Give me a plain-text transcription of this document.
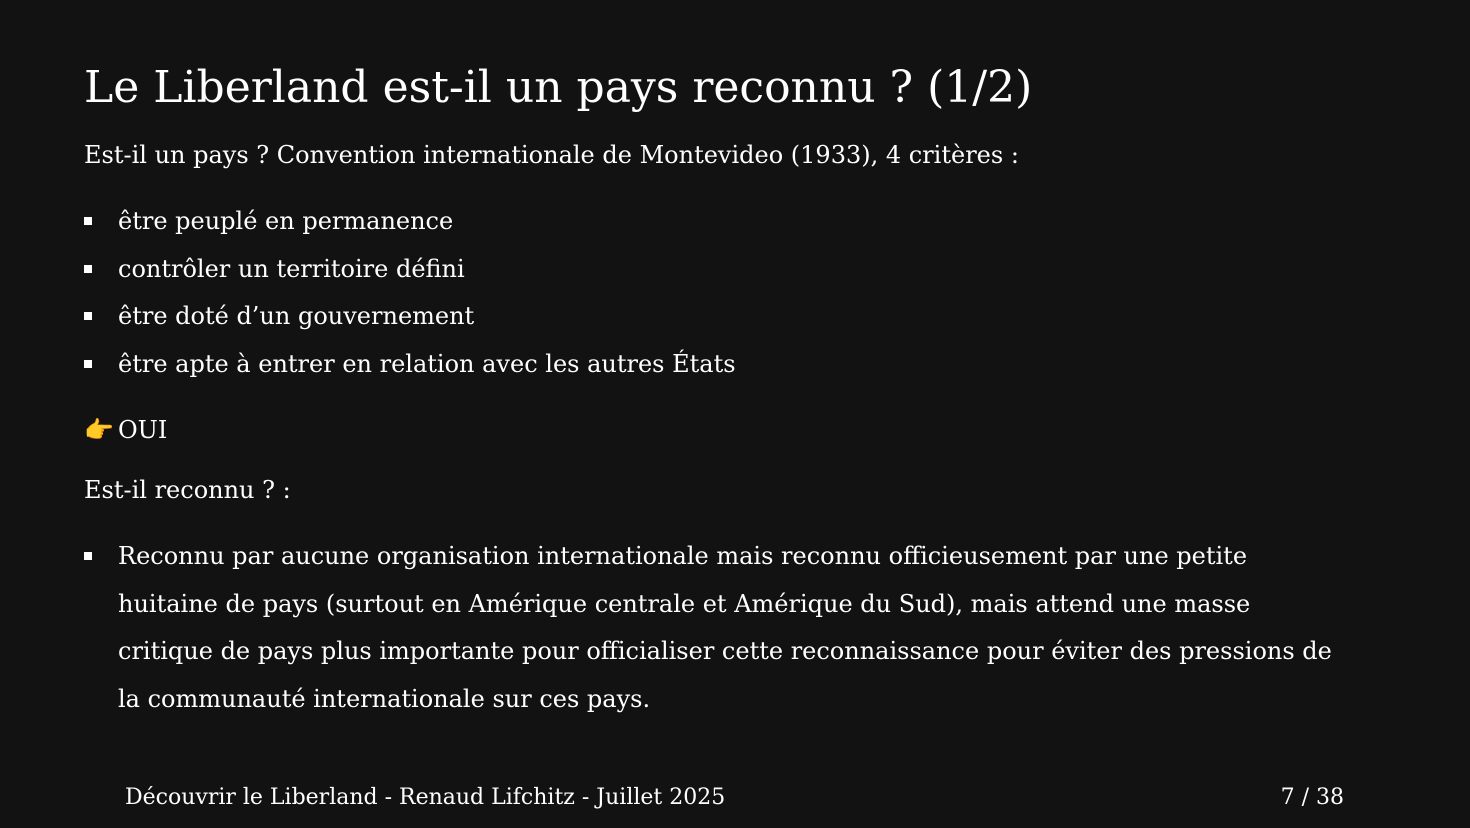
Le Liberland est-il un pays reconnu ? (1/2)

Est-il un pays ? Convention internationale de Montevideo (1933), 4 critères :

être peuplé en permanence
contrôler un territoire défini
être doté d’un gouvernement
être apte à entrer en relation avec les autres États

👉 OUI

Est-il reconnu ? :

Reconnu par aucune organisation internationale mais reconnu officieusement par une petite huitaine de pays (surtout en Amérique centrale et Amérique du Sud), mais attend une masse critique de pays plus importante pour officialiser cette reconnaissance pour éviter des pressions de la communauté internationale sur ces pays.
Découvrir le Liberland - Renaud Lifchitz - Juillet 2025	7 / 38
